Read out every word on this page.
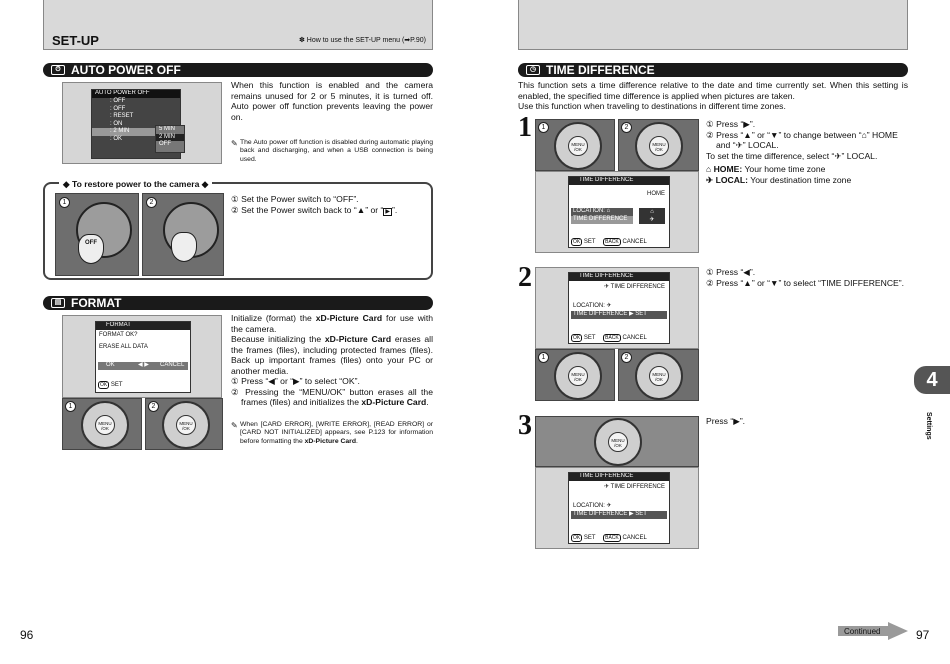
SET-UP	✽ How to use the SET-UP menu (➡P.90)
⏱ AUTO POWER OFF
AUTO POWER OFF
: OFF
: OFF
: RESET
: ON
: 2 MIN
: OK
5 MIN
2 MIN
OFF
When this function is enabled and the camera remains unused for 2 or 5 minutes, it is turned off. Auto power off function prevents leaving the power on.
✎ The Auto power off function is disabled during automatic playing back and discharging, and when a USB connection is being used.
◆ To restore power to the camera ◆
OFF
1	2	① Set the Power switch to “OFF”.
② Set the Power switch back to “▲” or “ ▶ ”.
▤ FORMAT
FORMAT
FORMAT OK?
ERASE ALL DATA
OK	◀ ▶ CANCEL
OK SET
MENU /OK
1
MENU /OK
2
Initialize (format) the xD-Picture Card for use with the camera.
Because initializing the xD-Picture Card erases all the frames (files), including protected frames (files). Back up important frames (files) onto your PC or another media.
① Press “◀” or “▶” to select “OK”.
② Pressing the “MENU/OK” button erases all the frames (files) and initializes the xD-Picture Card.
✎ When [CARD ERROR], [WRITE ERROR], [READ ERROR] or [CARD NOT INITIALIZED] appears, see P.123 for information before formatting the xD-Picture Card.
96
◷ TIME DIFFERENCE
This function sets a time difference relative to the date and time currently set. When this setting is enabled, the specified time difference is applied when pictures are taken.
Use this function when traveling to destinations in different time zones.
1
MENU /OK
1
MENU /OK
2
TIME DIFFERENCE
HOME
LOCATION: ⌂
TIME DIFFERENCE
⌂
✈
OK SET BACK CANCEL
① Press “▶”.
② Press “▲” or “▼” to change between “⌂” HOME
and “✈” LOCAL.
To set the time difference, select “✈” LOCAL.
⌂ HOME: Your home time zone
✈ LOCAL: Your destination time zone
2	TIME DIFFERENCE
✈ TIME DIFFERENCE
LOCATION: ✈
TIME DIFFERENCE ▶ SET
OK SET BACK CANCEL
MENU /OK
1
MENU /OK
2
① Press “◀”.
② Press “▲” or “▼” to select “TIME DIFFERENCE”.
3	MENU /OK
TIME DIFFERENCE
✈ TIME DIFFERENCE
LOCATION: ✈
TIME DIFFERENCE ▶ SET
OK SET BACK CANCEL
Press “▶”.
4
Settings
Continued	97
